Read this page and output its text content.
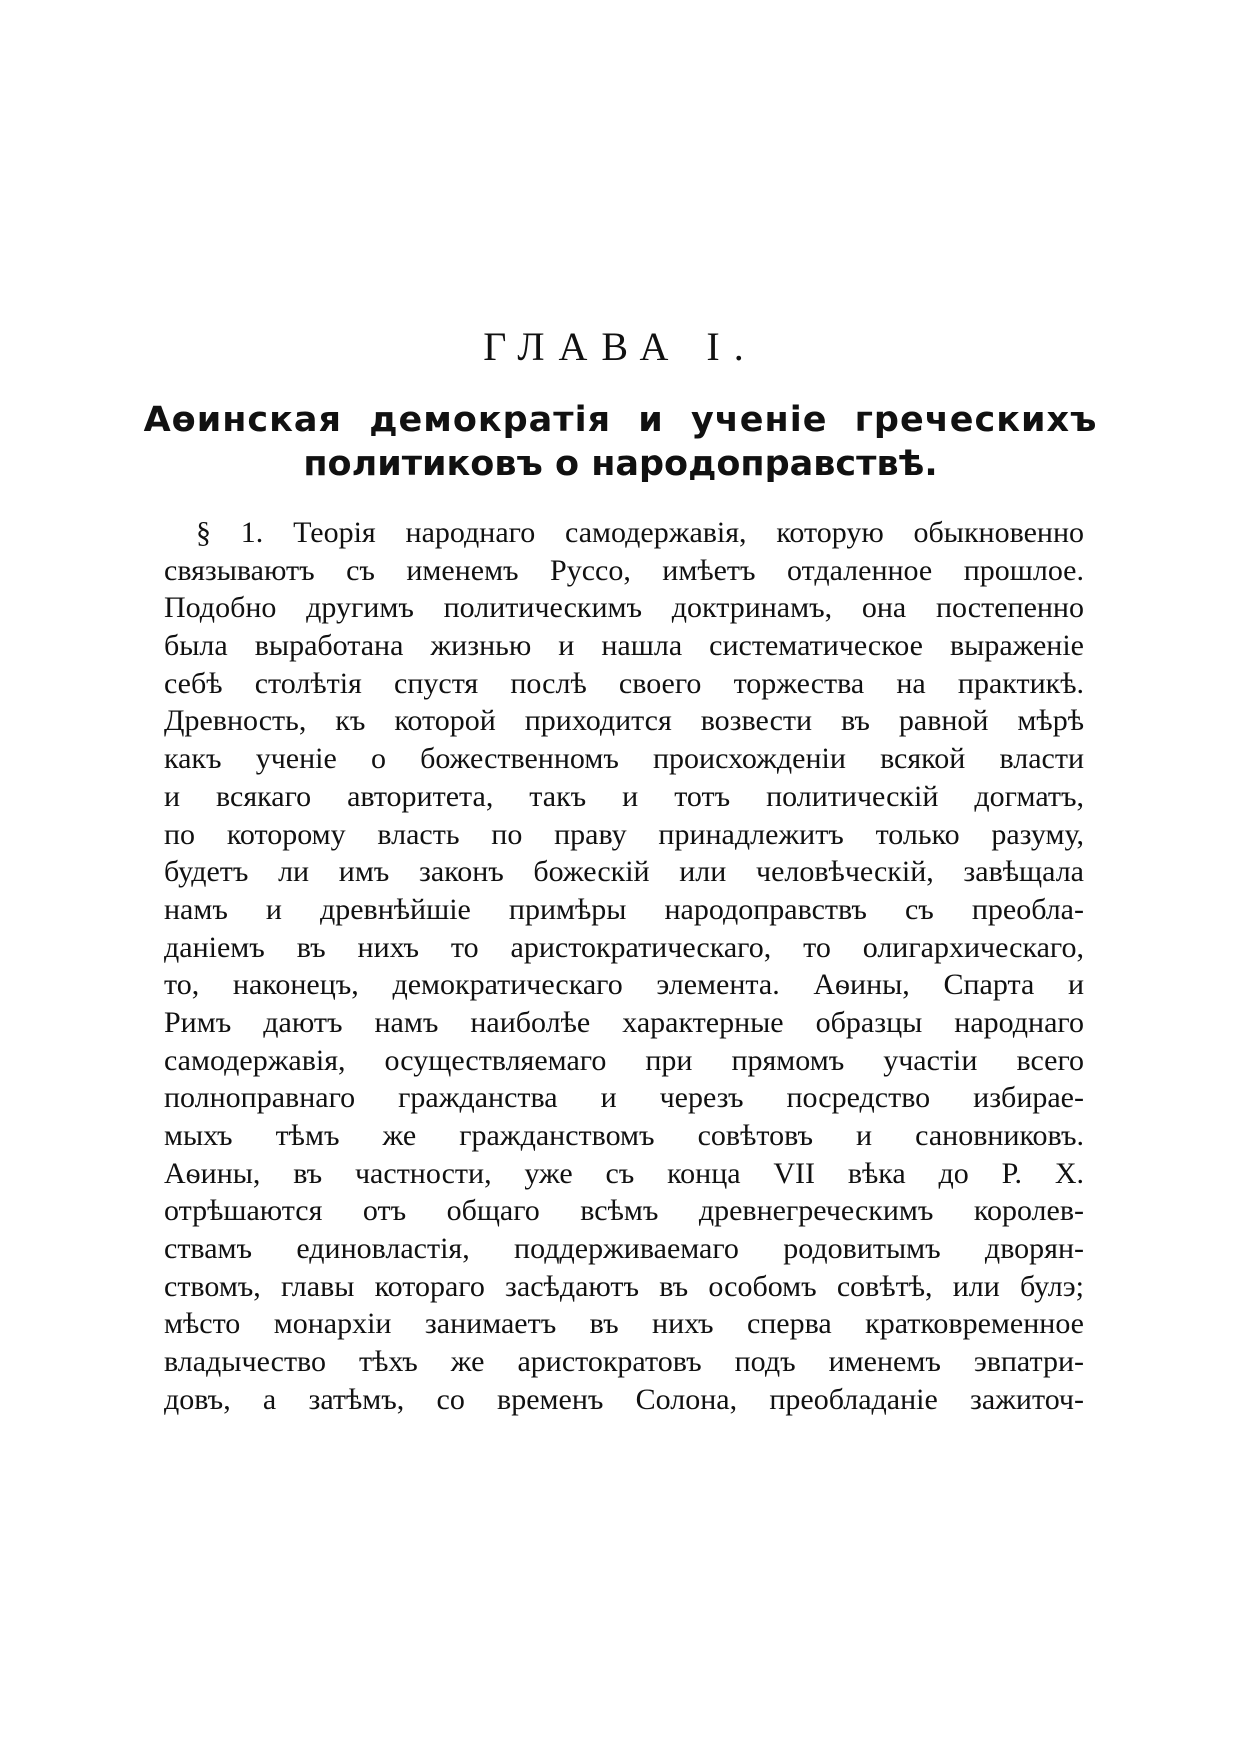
ГЛАВА I.
Аѳинская демократія и ученіе греческихъ
политиковъ о народоправствѣ.
§ 1. Теорія народнаго самодержавія, которую обыкновенно
связываютъ съ именемъ Руссо, имѣетъ отдаленное прошлое.
Подобно другимъ политическимъ доктринамъ, она постепенно
была выработана жизнью и нашла систематическое выраженіе
себѣ столѣтія спустя послѣ своего торжества на практикѣ.
Древность, къ которой приходится возвести въ равной мѣрѣ
какъ ученіе о божественномъ происхожденіи всякой власти
и всякаго авторитета, такъ и тотъ политическій догматъ,
по которому власть по праву принадлежитъ только разуму,
будетъ ли имъ законъ божескій или человѣческій, завѣщала
намъ и древнѣйшіе примѣры народоправствъ съ преобла-
даніемъ въ нихъ то аристократическаго, то олигархическаго,
то, наконецъ, демократическаго элемента. Аѳины, Спарта и
Римъ даютъ намъ наиболѣе характерные образцы народнаго
самодержавія, осуществляемаго при прямомъ участіи всего
полноправнаго гражданства и черезъ посредство избирае-
мыхъ тѣмъ же гражданствомъ совѣтовъ и сановниковъ.
Аѳины, въ частности, уже съ конца VII вѣка до Р. Х.
отрѣшаются отъ общаго всѣмъ древнегреческимъ королев-
ствамъ единовластія, поддерживаемаго родовитымъ дворян-
ствомъ, главы котораго засѣдаютъ въ особомъ совѣтѣ, или булэ;
мѣсто монархіи занимаетъ въ нихъ сперва кратковременное
владычество тѣхъ же аристократовъ подъ именемъ эвпатри-
довъ, а затѣмъ, со временъ Солона, преобладаніе зажиточ-
